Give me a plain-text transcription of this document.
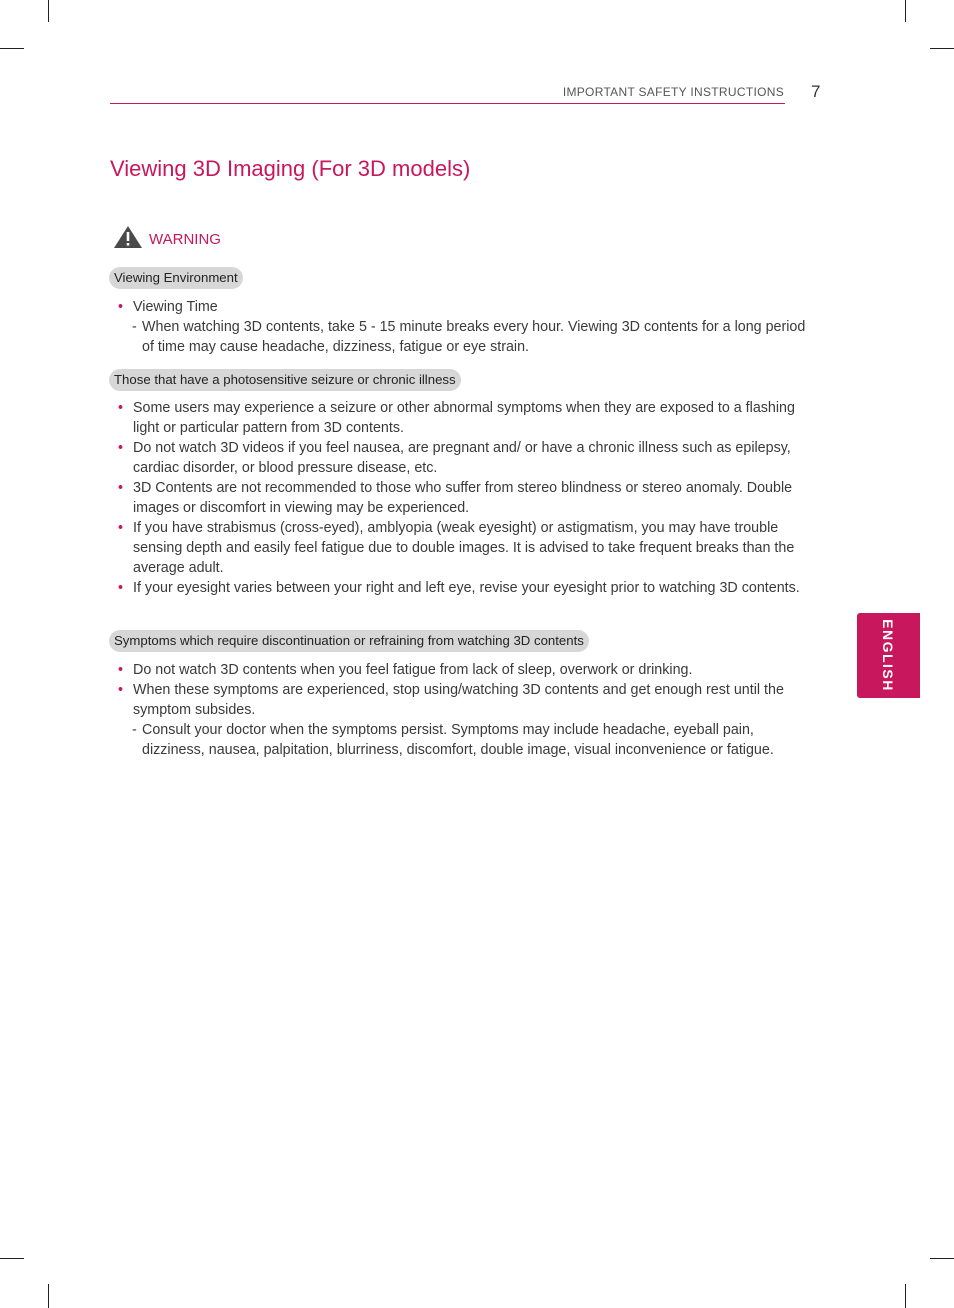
IMPORTANT SAFETY INSTRUCTIONS 7
Viewing 3D Imaging (For 3D models)
WARNING
Viewing Environment
• Viewing Time
- When watching 3D contents, take 5 - 15 minute breaks every hour. Viewing 3D contents for a long period of time may cause headache, dizziness, fatigue or eye strain.
Those that have a photosensitive seizure or chronic illness
• Some users may experience a seizure or other abnormal symptoms when they are exposed to a flashing light or particular pattern from 3D contents.
• Do not watch 3D videos if you feel nausea, are pregnant and/ or have a chronic illness such as epilepsy, cardiac disorder, or blood pressure disease, etc.
• 3D Contents are not recommended to those who suffer from stereo blindness or stereo anomaly. Double images or discomfort in viewing may be experienced.
• If you have strabismus (cross-eyed), amblyopia (weak eyesight) or astigmatism, you may have trouble sensing depth and easily feel fatigue due to double images. It is advised to take frequent breaks than the average adult.
• If your eyesight varies between your right and left eye, revise your eyesight prior to watching 3D contents.
Symptoms which require discontinuation or refraining from watching 3D contents
• Do not watch 3D contents when you feel fatigue from lack of sleep, overwork or drinking.
• When these symptoms are experienced, stop using/watching 3D contents and get enough rest until the symptom subsides.
- Consult your doctor when the symptoms persist. Symptoms may include headache, eyeball pain, dizziness, nausea, palpitation, blurriness, discomfort, double image, visual inconvenience or fatigue.
ENGLISH
